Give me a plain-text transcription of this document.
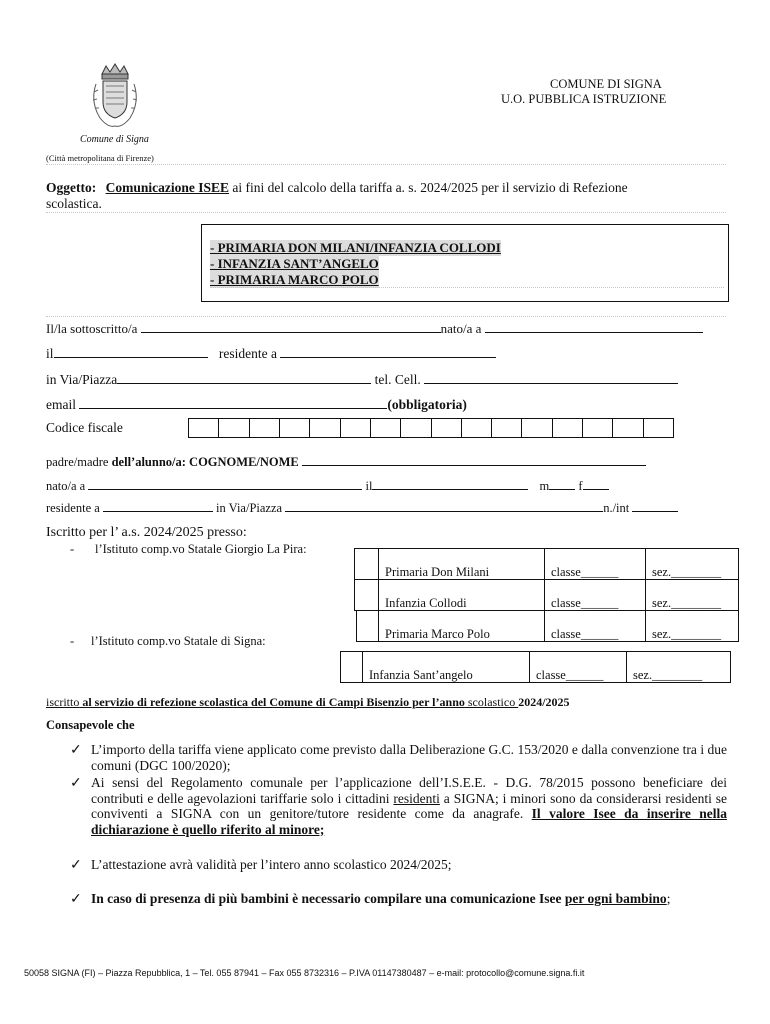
Comune di Signa
(Città metropolitana di Firenze)
COMUNE DI SIGNA
U.O. PUBBLICA ISTRUZIONE
Oggetto: Comunicazione ISEE ai fini del calcolo della tariffa a. s. 2024/2025 per il servizio di Refezione
scolastica.
- PRIMARIA DON MILANI/INFANZIA COLLODI
- INFANZIA SANT’ANGELO
- PRIMARIA MARCO POLO
Il/la sottoscritto/a	nato/a a
il	residente a
in Via/Piazza	tel. Cell.
email	(obbligatoria)
Codice fiscale
padre/madre dell’alunno/a: COGNOME/NOME
nato/a a	il	m f
residente a	in Via/Piazza	n./int
Iscritto per l’ a.s. 2024/2025 presso:
- l’Istituto comp.vo Statale Giorgio La Pira:
- l’Istituto comp.vo Statale di Signa:
Primaria Don Milani	classe______	sez.________
Infanzia Collodi	classe______	sez.________
Primaria Marco Polo	classe______	sez.________
Infanzia Sant’angelo	classe______ sez.________
iscritto al servizio di refezione scolastica del Comune di Campi Bisenzio per l’anno scolastico 2024/2025
Consapevole che
✓ L’importo della tariffa viene applicato come previsto dalla Deliberazione G.C. 153/2020 e dalla convenzione tra i due comuni (DGC 100/2020);
✓ Ai sensi del Regolamento comunale per l’applicazione dell’I.S.E.E. - D.G. 78/2015 possono beneficiare dei contributi e delle agevolazioni tariffarie solo i cittadini residenti a SIGNA; i minori sono da considerarsi residenti se conviventi a SIGNA con un genitore/tutore residente come da anagrafe. Il valore Isee da inserire nella dichiarazione è quello riferito al minore;
✓ L’attestazione avrà validità per l’intero anno scolastico 2024/2025;
✓ In caso di presenza di più bambini è necessario compilare una comunicazione Isee per ogni bambino;
50058 SIGNA (FI) – Piazza Repubblica, 1 – Tel. 055 87941 – Fax 055 8732316 – P.IVA 01147380487 – e-mail: protocollo@comune.signa.fi.it
